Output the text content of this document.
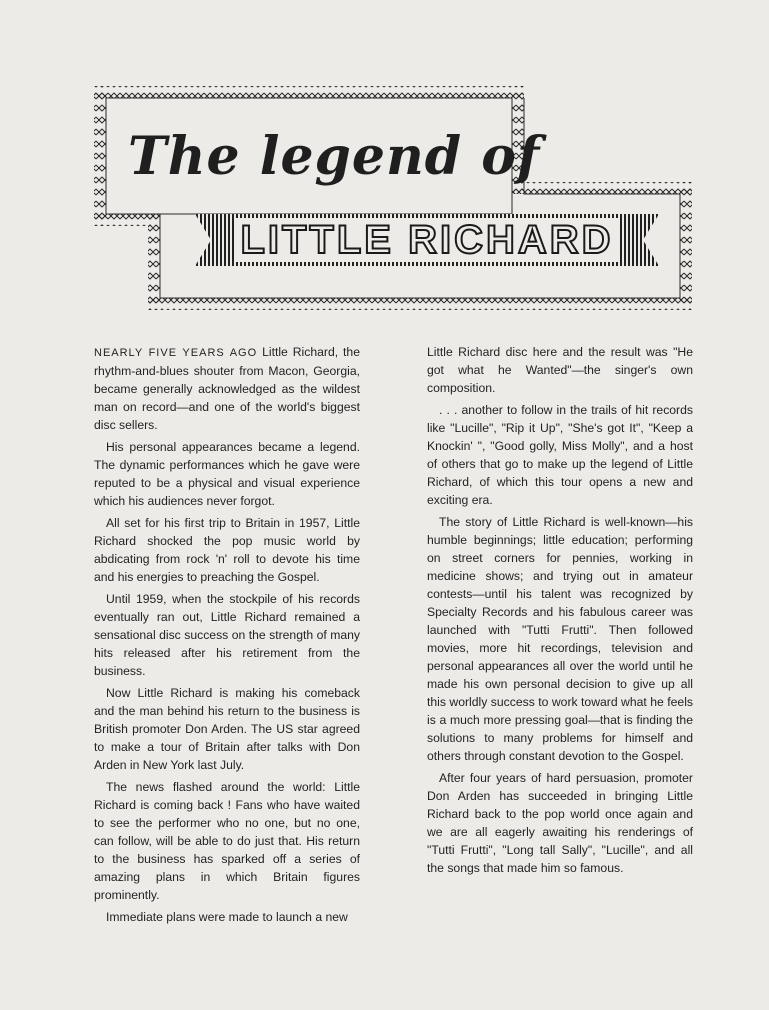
The legend of
LITTLE RICHARD

NEARLY FIVE YEARS AGO Little Richard, the rhythm-and-blues shouter from Macon, Georgia, became generally acknowledged as the wildest man on record—and one of the world's biggest disc sellers.

His personal appearances became a legend. The dynamic performances which he gave were reputed to be a physical and visual experience which his audiences never forgot.

All set for his first trip to Britain in 1957, Little Richard shocked the pop music world by abdicating from rock 'n' roll to devote his time and his energies to preaching the Gospel.

Until 1959, when the stockpile of his records eventually ran out, Little Richard remained a sensational disc success on the strength of many hits released after his retirement from the business.

Now Little Richard is making his comeback and the man behind his return to the business is British promoter Don Arden. The US star agreed to make a tour of Britain after talks with Don Arden in New York last July.

The news flashed around the world: Little Richard is coming back ! Fans who have waited to see the performer who no one, but no one, can follow, will be able to do just that. His return to the business has sparked off a series of amazing plans in which Britain figures prominently.

Immediate plans were made to launch a new

Little Richard disc here and the result was "He got what he Wanted"—the singer's own composition.

. . . another to follow in the trails of hit records like "Lucille", "Rip it Up", "She's got It", "Keep a Knockin' ", "Good golly, Miss Molly", and a host of others that go to make up the legend of Little Richard, of which this tour opens a new and exciting era.

The story of Little Richard is well-known—his humble beginnings; little education; performing on street corners for pennies, working in medicine shows; and trying out in amateur contests—until his talent was recognized by Specialty Records and his fabulous career was launched with "Tutti Frutti". Then followed movies, more hit recordings, television and personal appearances all over the world until he made his own personal decision to give up all this worldly success to work toward what he feels is a much more pressing goal—that is finding the solutions to many problems for himself and others through constant devotion to the Gospel.

After four years of hard persuasion, promoter Don Arden has succeeded in bringing Little Richard back to the pop world once again and we are all eagerly awaiting his renderings of "Tutti Frutti", "Long tall Sally", "Lucille", and all the songs that made him so famous.
